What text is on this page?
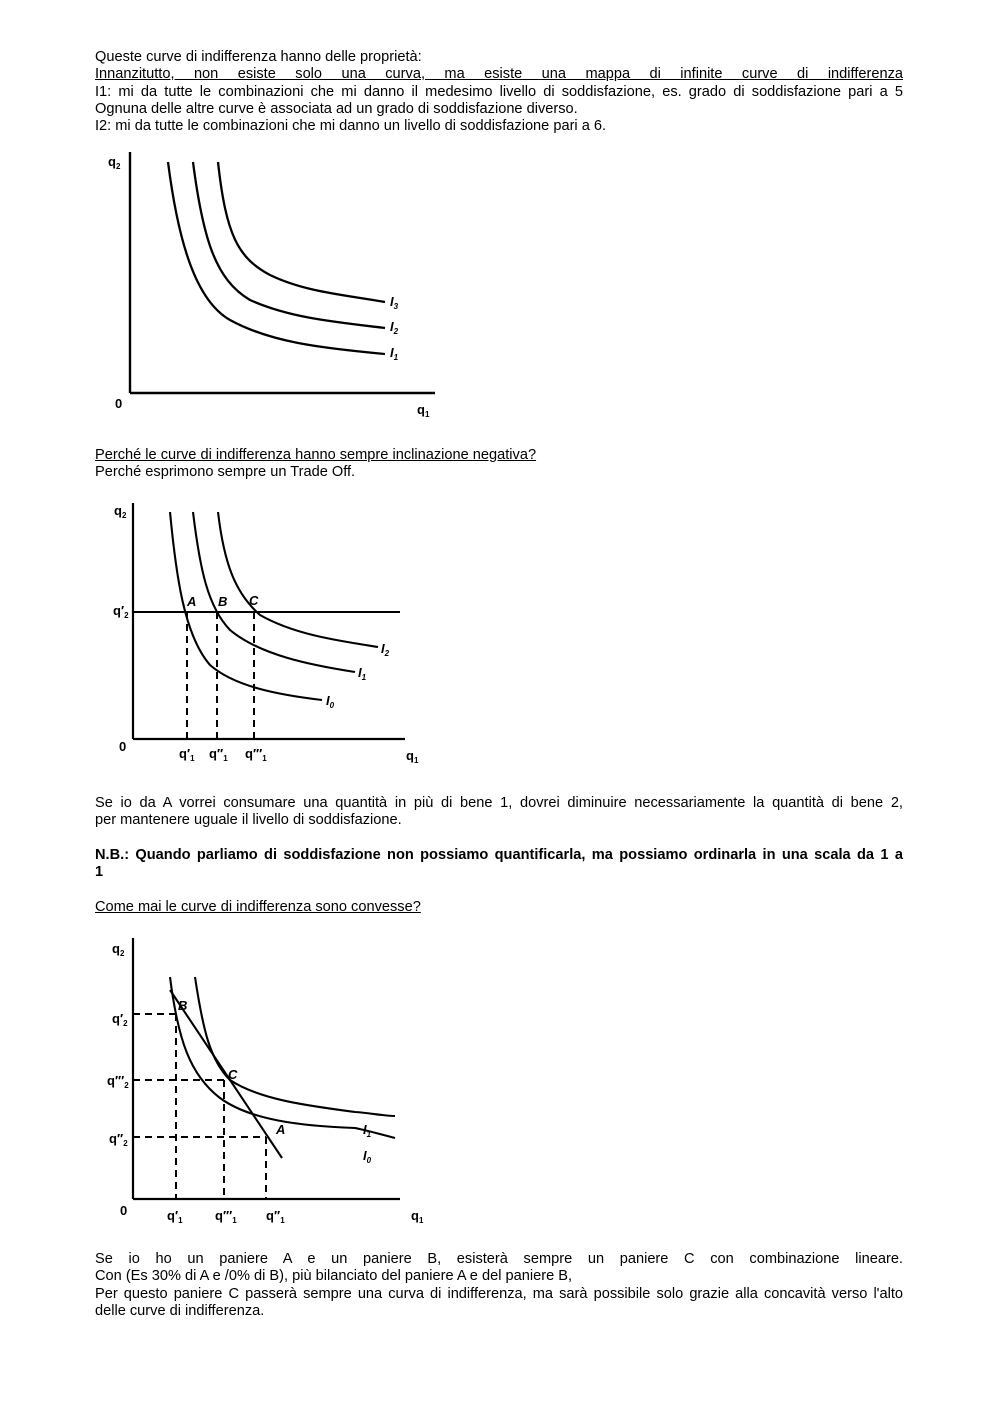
Queste curve di indifferenza hanno delle proprietà:

Innanzitutto, non esiste solo una curva, ma esiste una mappa di infinite curve di indifferenza

I1: mi da tutte le combinazioni che mi danno il medesimo livello di soddisfazione, es. grado di soddisfazione pari a 5

Ognuna delle altre curve è associata ad un grado di soddisfazione diverso.

I2: mi da tutte le combinazioni che mi danno un livello di soddisfazione pari a 6.

$q_2$
0	$q_1$
$I_3$
$I_2$
$I_1$

Perché le curve di indifferenza hanno sempre inclinazione negativa?

Perché esprimono sempre un Trade Off.

$q_2$
0
$q_1$
$q'_2$
A B C
$I_2$
$I_1$
$I_0$
$q'_1$ $q''_1$ $q'''_1$

Se io da A vorrei consumare una quantità in più di bene 1, dovrei diminuire necessariamente la quantità di bene 2,

per mantenere uguale il livello di soddisfazione.

N.B.: Quando parliamo di soddisfazione non possiamo quantificarla, ma possiamo ordinarla in una scala da 1 a

1

Come mai le curve di indifferenza sono convesse?

$q_2$
0	$q_1$
$q'_2$
$q'''_2$
$q''_2$
B
C
A	$I_1$
$I_0$
$q'_1$ $q'''_1$ $q''_1$

Se io ho un paniere A e un paniere B, esisterà sempre un paniere C con combinazione lineare.

Con (Es 30% di A e /0% di B), più bilanciato del paniere A e del paniere B,

Per questo paniere C passerà sempre una curva di indifferenza, ma sarà possibile solo grazie alla concavità verso l'alto

delle curve di indifferenza.
